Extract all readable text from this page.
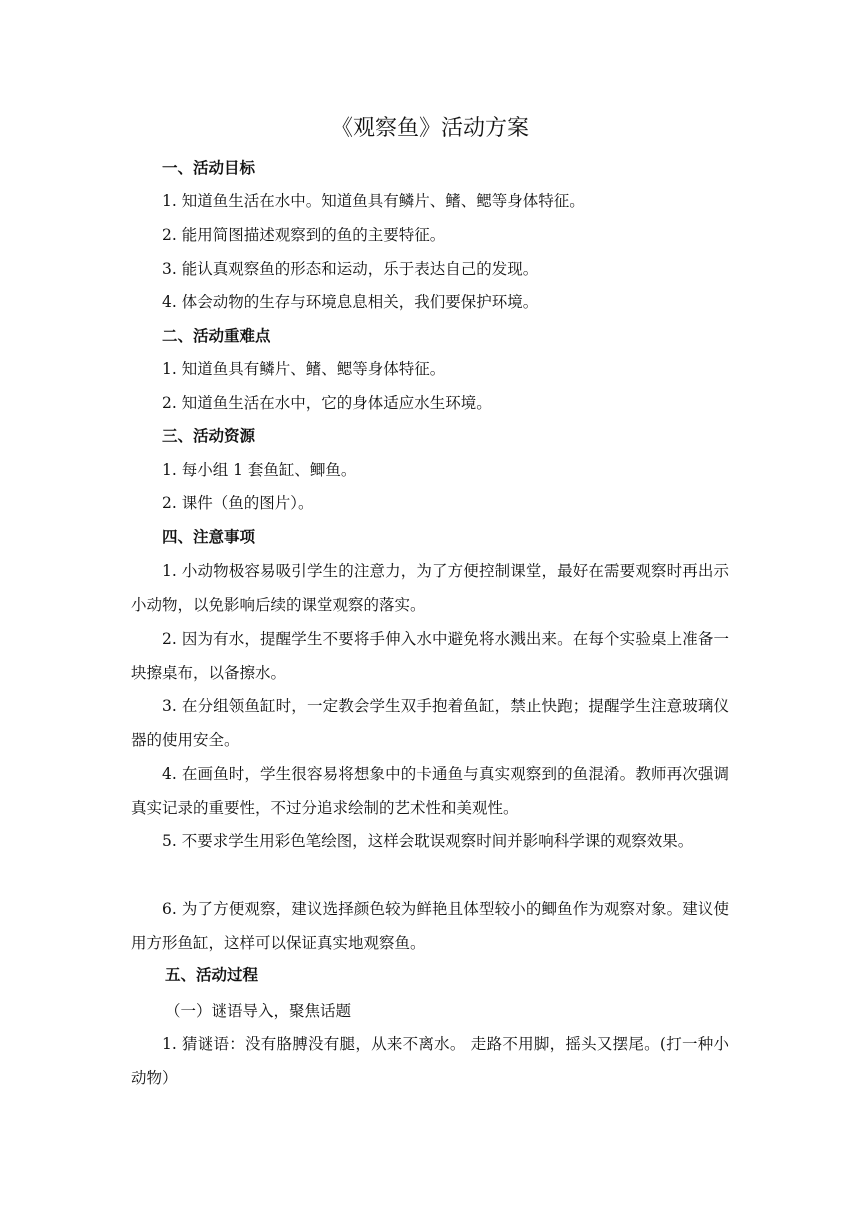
《观察鱼》活动方案
一、活动目标
1. 知道鱼生活在水中。知道鱼具有鳞片、鳍、鳃等身体特征。
2. 能用简图描述观察到的鱼的主要特征。
3. 能认真观察鱼的形态和运动，乐于表达自己的发现。
4. 体会动物的生存与环境息息相关，我们要保护环境。
二、活动重难点
1. 知道鱼具有鳞片、鳍、鳃等身体特征。
2. 知道鱼生活在水中，它的身体适应水生环境。
三、活动资源
1. 每小组 1 套鱼缸、鲫鱼。
2. 课件（鱼的图片）。
四、注意事项
1. 小动物极容易吸引学生的注意力，为了方便控制课堂，最好在需要观察时再出示小动物，以免影响后续的课堂观察的落实。
2. 因为有水，提醒学生不要将手伸入水中避免将水溅出来。在每个实验桌上准备一块擦桌布，以备擦水。
3. 在分组领鱼缸时，一定教会学生双手抱着鱼缸，禁止快跑；提醒学生注意玻璃仪器的使用安全。
4. 在画鱼时，学生很容易将想象中的卡通鱼与真实观察到的鱼混淆。教师再次强调真实记录的重要性，不过分追求绘制的艺术性和美观性。
5. 不要求学生用彩色笔绘图，这样会耽误观察时间并影响科学课的观察效果。
6. 为了方便观察，建议选择颜色较为鲜艳且体型较小的鲫鱼作为观察对象。建议使用方形鱼缸，这样可以保证真实地观察鱼。
五、活动过程
（一）谜语导入，聚焦话题
1. 猜谜语：没有胳膊没有腿，从来不离水。 走路不用脚，摇头又摆尾。(打一种小动物）
